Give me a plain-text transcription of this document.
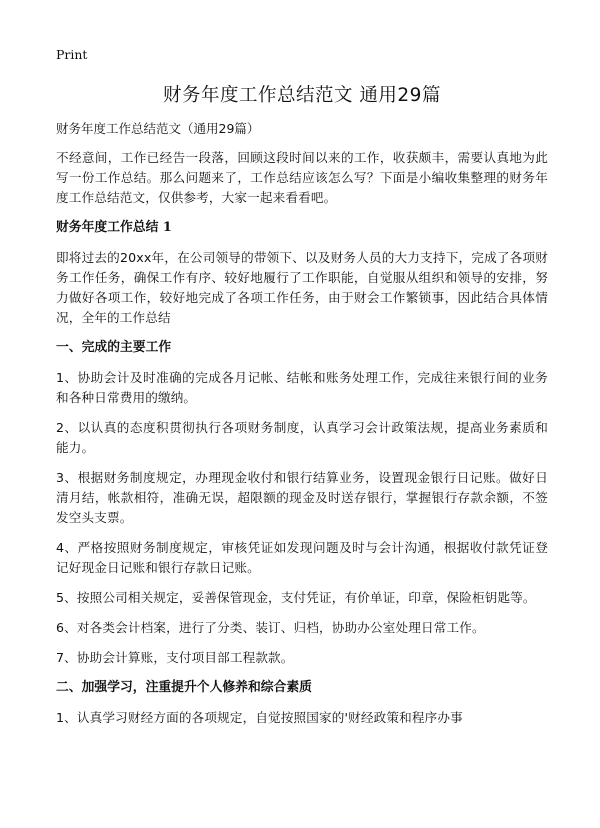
Print
财务年度工作总结范文 通用29篇
财务年度工作总结范文（通用29篇）

不经意间，工作已经告一段落，回顾这段时间以来的工作，收获颇丰，需要认真地为此写一份工作总结。那么问题来了，工作总结应该怎么写？下面是小编收集整理的财务年度工作总结范文，仅供参考，大家一起来看看吧。

财务年度工作总结 1

即将过去的20xx年，在公司领导的带领下、以及财务人员的大力支持下，完成了各项财务工作任务，确保工作有序、较好地履行了工作职能，自觉服从组织和领导的安排，努力做好各项工作，较好地完成了各项工作任务，由于财会工作繁锁事，因此结合具体情况，全年的工作总结

一、完成的主要工作

1、协助会计及时准确的完成各月记帐、结帐和账务处理工作，完成往来银行间的业务和各种日常费用的缴纳。

2、以认真的态度积贯彻执行各项财务制度，认真学习会计政策法规，提高业务素质和能力。

3、根据财务制度规定，办理现金收付和银行结算业务，设置现金银行日记账。做好日清月结，帐款相符，准确无误，超限额的现金及时送存银行，掌握银行存款余额，不签发空头支票。

4、严格按照财务制度规定，审核凭证如发现问题及时与会计沟通，根据收付款凭证登记好现金日记账和银行存款日记账。

5、按照公司相关规定，妥善保管现金，支付凭证，有价单证，印章，保险柜钥匙等。

6、对各类会计档案，进行了分类、装订、归档，协助办公室处理日常工作。

7、协助会计算账，支付项目部工程款款。

二、加强学习，注重提升个人修养和综合素质

1、认真学习财经方面的各项规定，自觉按照国家的'财经政策和程序办事
